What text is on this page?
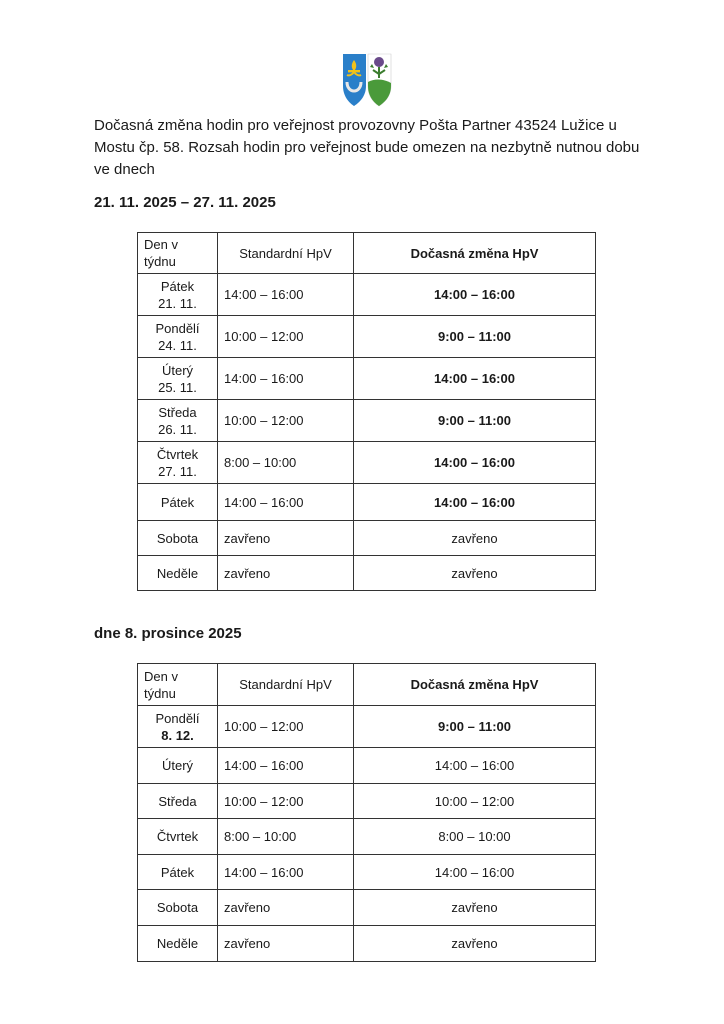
Dočasná změna hodin pro veřejnost provozovny Pošta Partner 43524 Lužice u Mostu čp. 58. Rozsah hodin pro veřejnost bude omezen na nezbytně nutnou dobu ve dnech

21. 11. 2025 – 27. 11. 2025
Den v
týdnu	Standardní HpV	Dočasná změna HpV

Pátek
21. 11.	14:00 – 16:00	14:00 – 16:00

Pondělí
24. 11.	10:00 – 12:00	9:00 – 11:00

Úterý
25. 11.	14:00 – 16:00	14:00 – 16:00

Středa
26. 11.	10:00 – 12:00	9:00 – 11:00

Čtvrtek
27. 11.	8:00 – 10:00	14:00 – 16:00
Pátek	14:00 – 16:00	14:00 – 16:00
Sobota	zavřeno	zavřeno
Neděle	zavřeno	zavřeno
dne 8. prosince 2025
Den v
týdnu	Standardní HpV	Dočasná změna HpV

Pondělí
8. 12.	10:00 – 12:00	9:00 – 11:00
Úterý	14:00 – 16:00	14:00 – 16:00
Středa	10:00 – 12:00	10:00 – 12:00
Čtvrtek	8:00 – 10:00	8:00 – 10:00
Pátek	14:00 – 16:00	14:00 – 16:00
Sobota	zavřeno	zavřeno
Neděle	zavřeno	zavřeno
